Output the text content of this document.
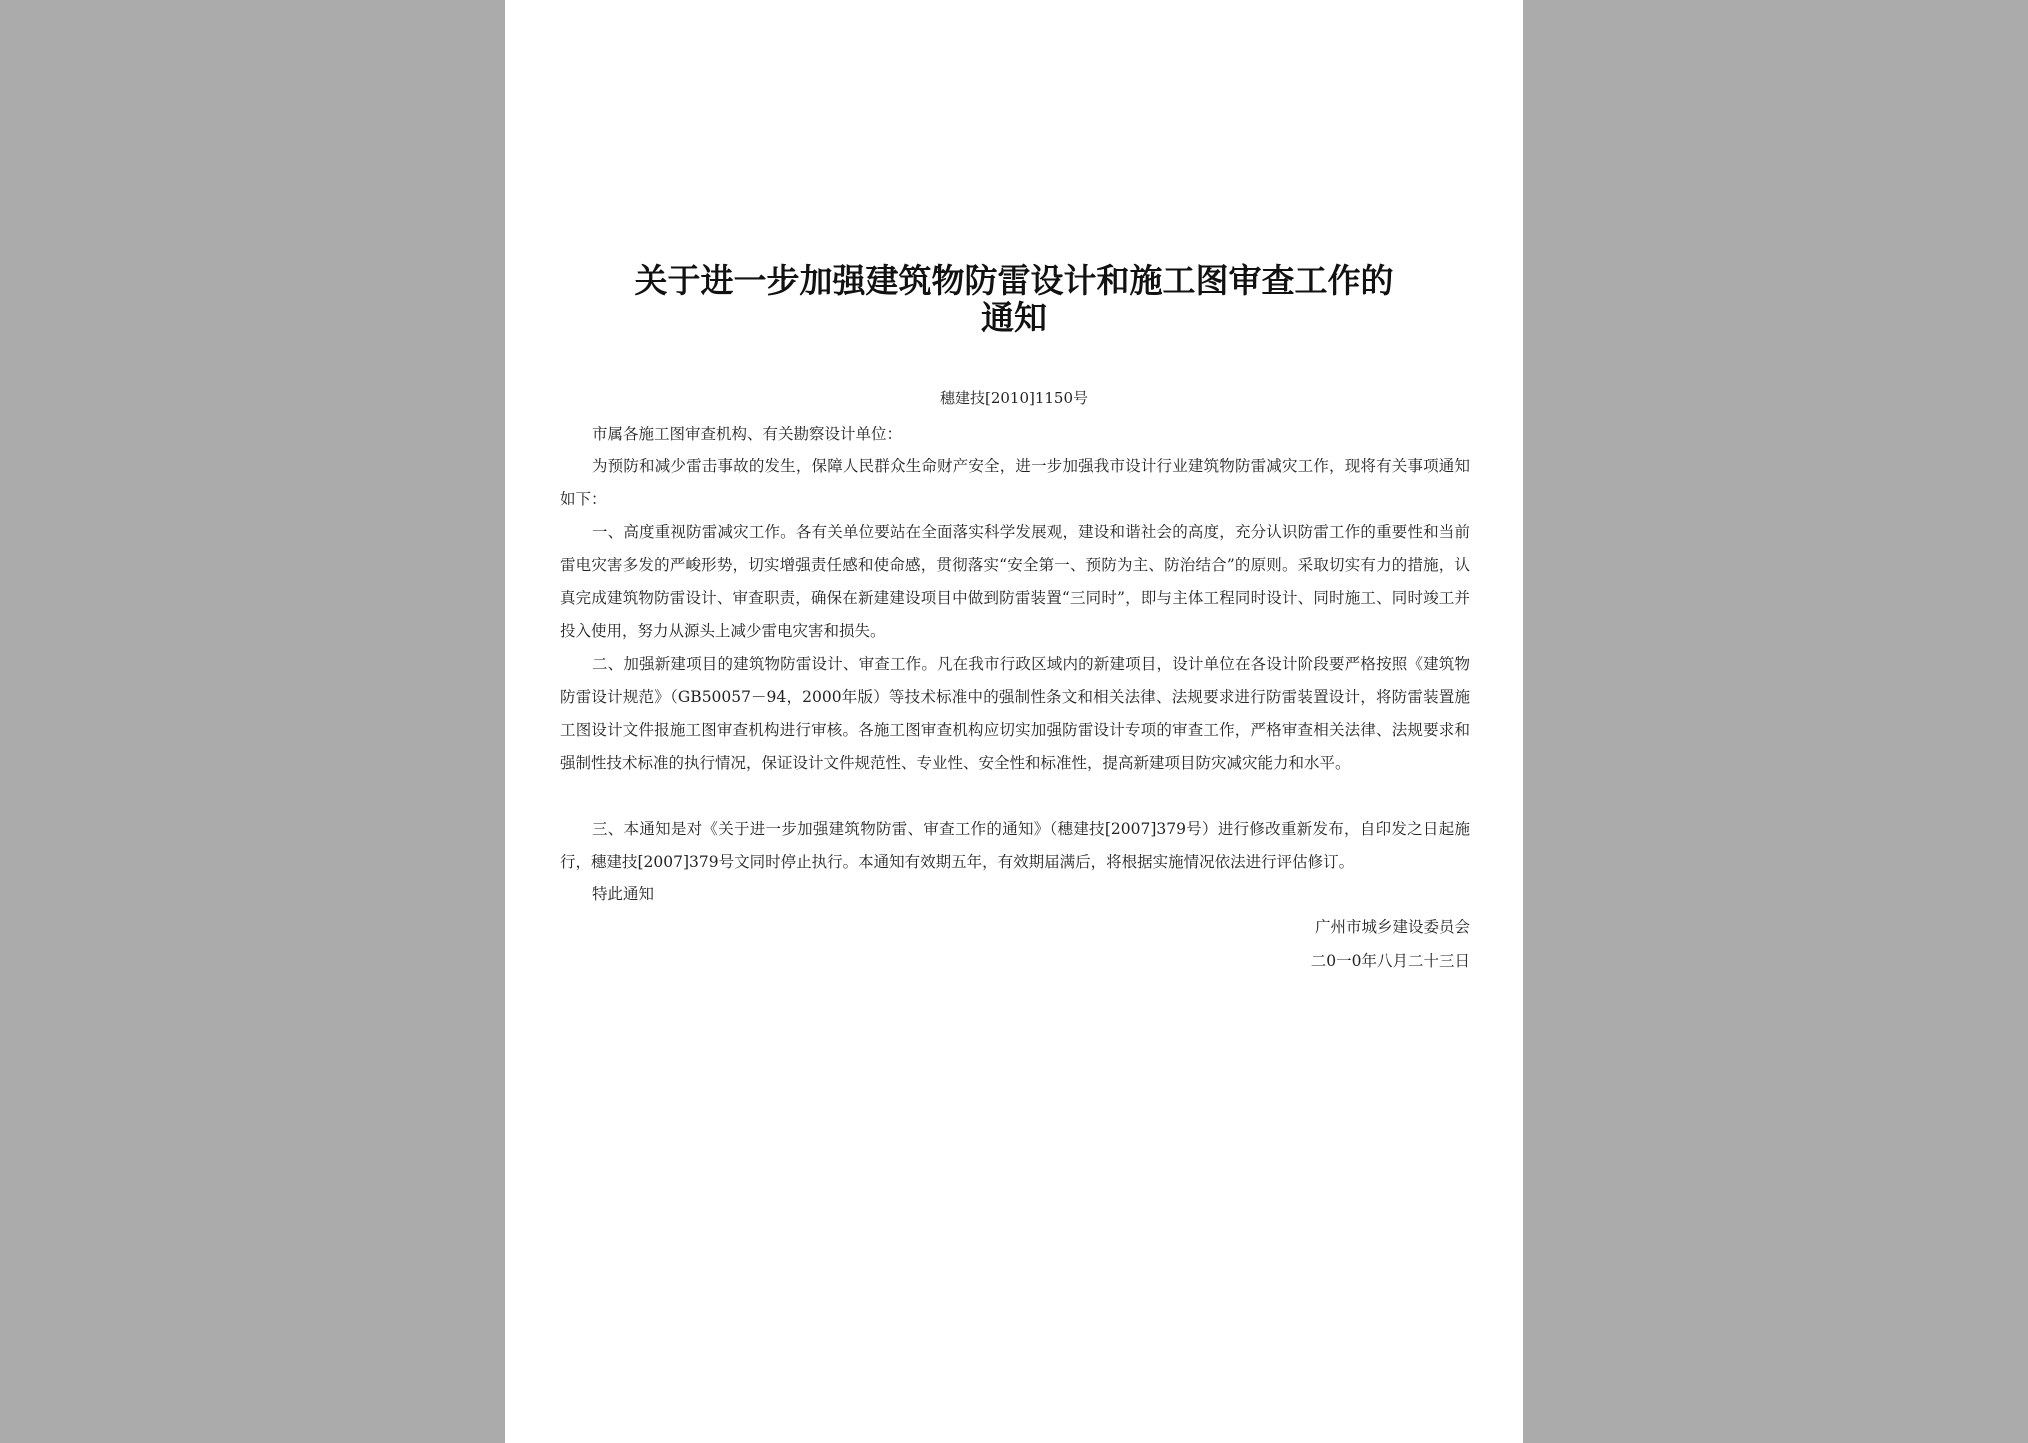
关于进一步加强建筑物防雷设计和施工图审查工作的
通知
穗建技[2010]1150号

市属各施工图审查机构、有关勘察设计单位：

为预防和减少雷击事故的发生，保障人民群众生命财产安全，进一步加强我市设计行业建筑物防雷减灾工作，现将有关事项通知如下：

一、高度重视防雷减灾工作。各有关单位要站在全面落实科学发展观，建设和谐社会的高度，充分认识防雷工作的重要性和当前雷电灾害多发的严峻形势，切实增强责任感和使命感，贯彻落实“安全第一、预防为主、防治结合”的原则。采取切实有力的措施，认真完成建筑物防雷设计、审查职责，确保在新建建设项目中做到防雷装置“三同时”，即与主体工程同时设计、同时施工、同时竣工并投入使用，努力从源头上减少雷电灾害和损失。

二、加强新建项目的建筑物防雷设计、审查工作。凡在我市行政区域内的新建项目，设计单位在各设计阶段要严格按照《建筑物防雷设计规范》（GB50057－94，2000年版）等技术标准中的强制性条文和相关法律、法规要求进行防雷装置设计，将防雷装置施工图设计文件报施工图审查机构进行审核。各施工图审查机构应切实加强防雷设计专项的审查工作，严格审查相关法律、法规要求和强制性技术标准的执行情况，保证设计文件规范性、专业性、安全性和标准性，提高新建项目防灾减灾能力和水平。

三、本通知是对《关于进一步加强建筑物防雷、审查工作的通知》（穗建技[2007]379号）进行修改重新发布，自印发之日起施行，穗建技[2007]379号文同时停止执行。本通知有效期五年，有效期届满后，将根据实施情况依法进行评估修订。

特此通知

广州市城乡建设委员会
二0一0年八月二十三日
